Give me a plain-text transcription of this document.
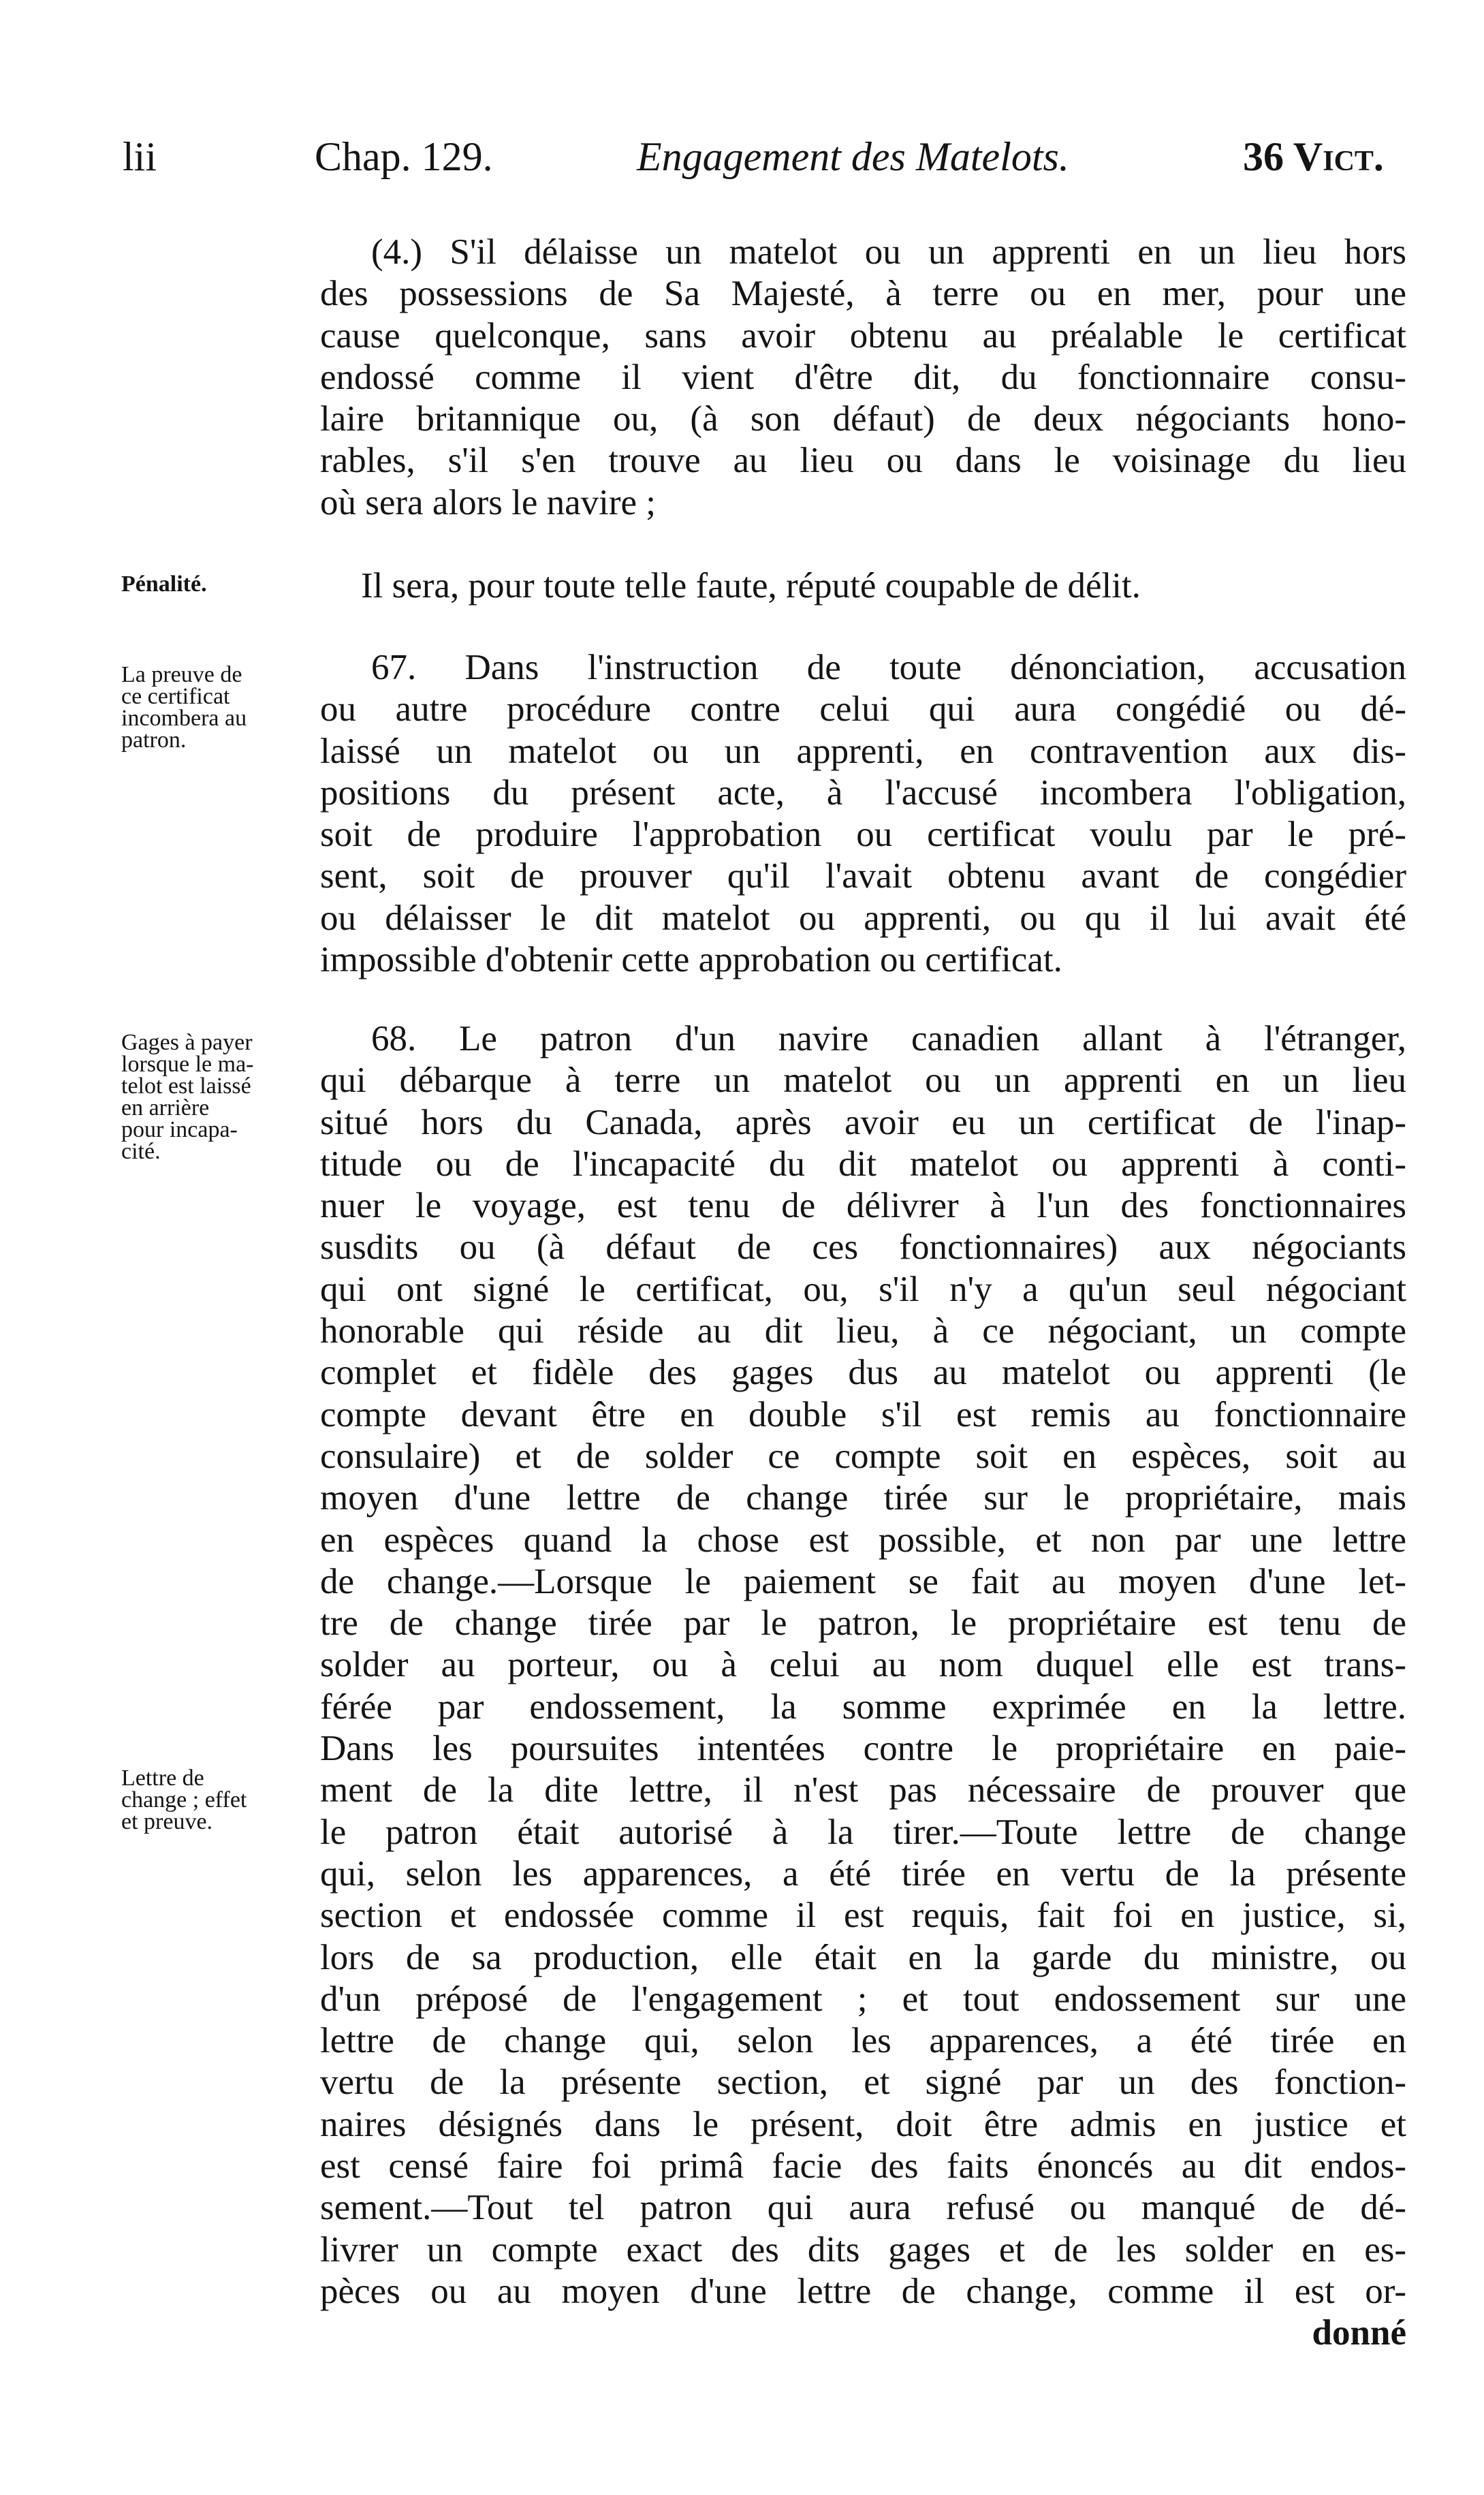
lii	Chap. 129.	Engagement des Matelots.	36 Vict.
(4.) S'il délaisse un matelot ou un apprenti en un lieu hors
des possessions de Sa Majesté, à terre ou en mer, pour une
cause quelconque, sans avoir obtenu au préalable le certificat
endossé comme il vient d'être dit, du fonctionnaire consu-
laire britannique ou, (à son défaut) de deux négociants hono-
rables, s'il s'en trouve au lieu ou dans le voisinage du lieu
où sera alors le navire ;
Pénalité.	Il sera, pour toute telle faute, réputé coupable de délit.
La preuve de
ce certificat
incombera au
patron.
67. Dans l'instruction de toute dénonciation, accusation
ou autre procédure contre celui qui aura congédié ou dé-
laissé un matelot ou un apprenti, en contravention aux dis-
positions du présent acte, à l'accusé incombera l'obligation,
soit de produire l'approbation ou certificat voulu par le pré-
sent, soit de prouver qu'il l'avait obtenu avant de congédier
ou délaisser le dit matelot ou apprenti, ou qu il lui avait été
impossible d'obtenir cette approbation ou certificat.
Gages à payer
lorsque le ma-
telot est laissé
en arrière
pour incapa-
cité.
Lettre de
change ; effet
et preuve.
68. Le patron d'un navire canadien allant à l'étranger,
qui débarque à terre un matelot ou un apprenti en un lieu
situé hors du Canada, après avoir eu un certificat de l'inap-
titude ou de l'incapacité du dit matelot ou apprenti à conti-
nuer le voyage, est tenu de délivrer à l'un des fonctionnaires
susdits ou (à défaut de ces fonctionnaires) aux négociants
qui ont signé le certificat, ou, s'il n'y a qu'un seul négociant
honorable qui réside au dit lieu, à ce négociant, un compte
complet et fidèle des gages dus au matelot ou apprenti (le
compte devant être en double s'il est remis au fonctionnaire
consulaire) et de solder ce compte soit en espèces, soit au
moyen d'une lettre de change tirée sur le propriétaire, mais
en espèces quand la chose est possible, et non par une lettre
de change.—Lorsque le paiement se fait au moyen d'une let-
tre de change tirée par le patron, le propriétaire est tenu de
solder au porteur, ou à celui au nom duquel elle est trans-
férée par endossement, la somme exprimée en la lettre.
Dans les poursuites intentées contre le propriétaire en paie-
ment de la dite lettre, il n'est pas nécessaire de prouver que
le patron était autorisé à la tirer.—Toute lettre de change
qui, selon les apparences, a été tirée en vertu de la présente
section et endossée comme il est requis, fait foi en justice, si,
lors de sa production, elle était en la garde du ministre, ou
d'un préposé de l'engagement ; et tout endossement sur une
lettre de change qui, selon les apparences, a été tirée en
vertu de la présente section, et signé par un des fonction-
naires désignés dans le présent, doit être admis en justice et
est censé faire foi primâ facie des faits énoncés au dit endos-
sement.—Tout tel patron qui aura refusé ou manqué de dé-
livrer un compte exact des dits gages et de les solder en es-
pèces ou au moyen d'une lettre de change, comme il est or-
donné
